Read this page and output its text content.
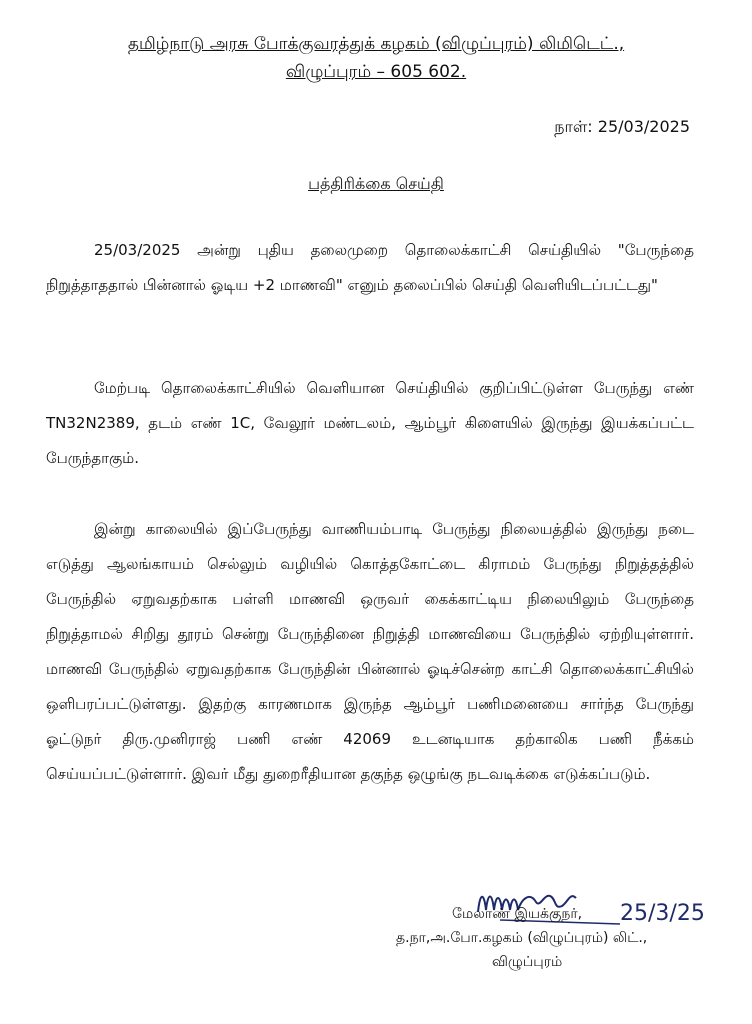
தமிழ்நாடு அரசு போக்குவரத்துக் கழகம் (விழுப்புரம்) லிமிடெட்.,
விழுப்புரம் – 605 602.
நாள்: 25/03/2025
பத்திரிக்கை செய்தி

25/03/2025 அன்று புதிய தலைமுறை தொலைக்காட்சி செய்தியில் "பேருந்தை நிறுத்தாததால் பின்னால் ஓடிய +2 மாணவி" எனும் தலைப்பில் செய்தி வெளியிடப்பட்டது"

மேற்படி தொலைக்காட்சியில் வெளியான செய்தியில் குறிப்பிட்டுள்ள பேருந்து எண் TN32N2389, தடம் எண் 1C, வேலூர் மண்டலம், ஆம்பூர் கிளையில் இருந்து இயக்கப்பட்ட பேருந்தாகும்.

இன்று காலையில் இப்பேருந்து வாணியம்பாடி பேருந்து நிலையத்தில் இருந்து நடை எடுத்து ஆலங்காயம் செல்லும் வழியில் கொத்தகோட்டை கிராமம் பேருந்து நிறுத்தத்தில் பேருந்தில் ஏறுவதற்காக பள்ளி மாணவி ஒருவர் கைக்காட்டிய நிலையிலும் பேருந்தை நிறுத்தாமல் சிறிது தூரம் சென்று பேருந்தினை நிறுத்தி மாணவியை பேருந்தில் ஏற்றியுள்ளார். மாணவி பேருந்தில் ஏறுவதற்காக பேருந்தின் பின்னால் ஓடிச்சென்ற காட்சி தொலைக்காட்சியில் ஒளிபரப்பட்டுள்ளது. இதற்கு காரணமாக இருந்த ஆம்பூர் பணிமனையை சார்ந்த பேருந்து ஓட்டுநர் திரு.முனிராஜ் பணி எண் 42069 உடனடியாக தற்காலிக பணி நீக்கம் செய்யப்பட்டுள்ளார். இவர் மீது துறைரீதியான தகுந்த ஒழுங்கு நடவடிக்கை எடுக்கப்படும்.

25/3/25
மேலாண் இயக்குநர்,
த.நா,அ.போ.கழகம் (விழுப்புரம்) லிட்.,
விழுப்புரம்
